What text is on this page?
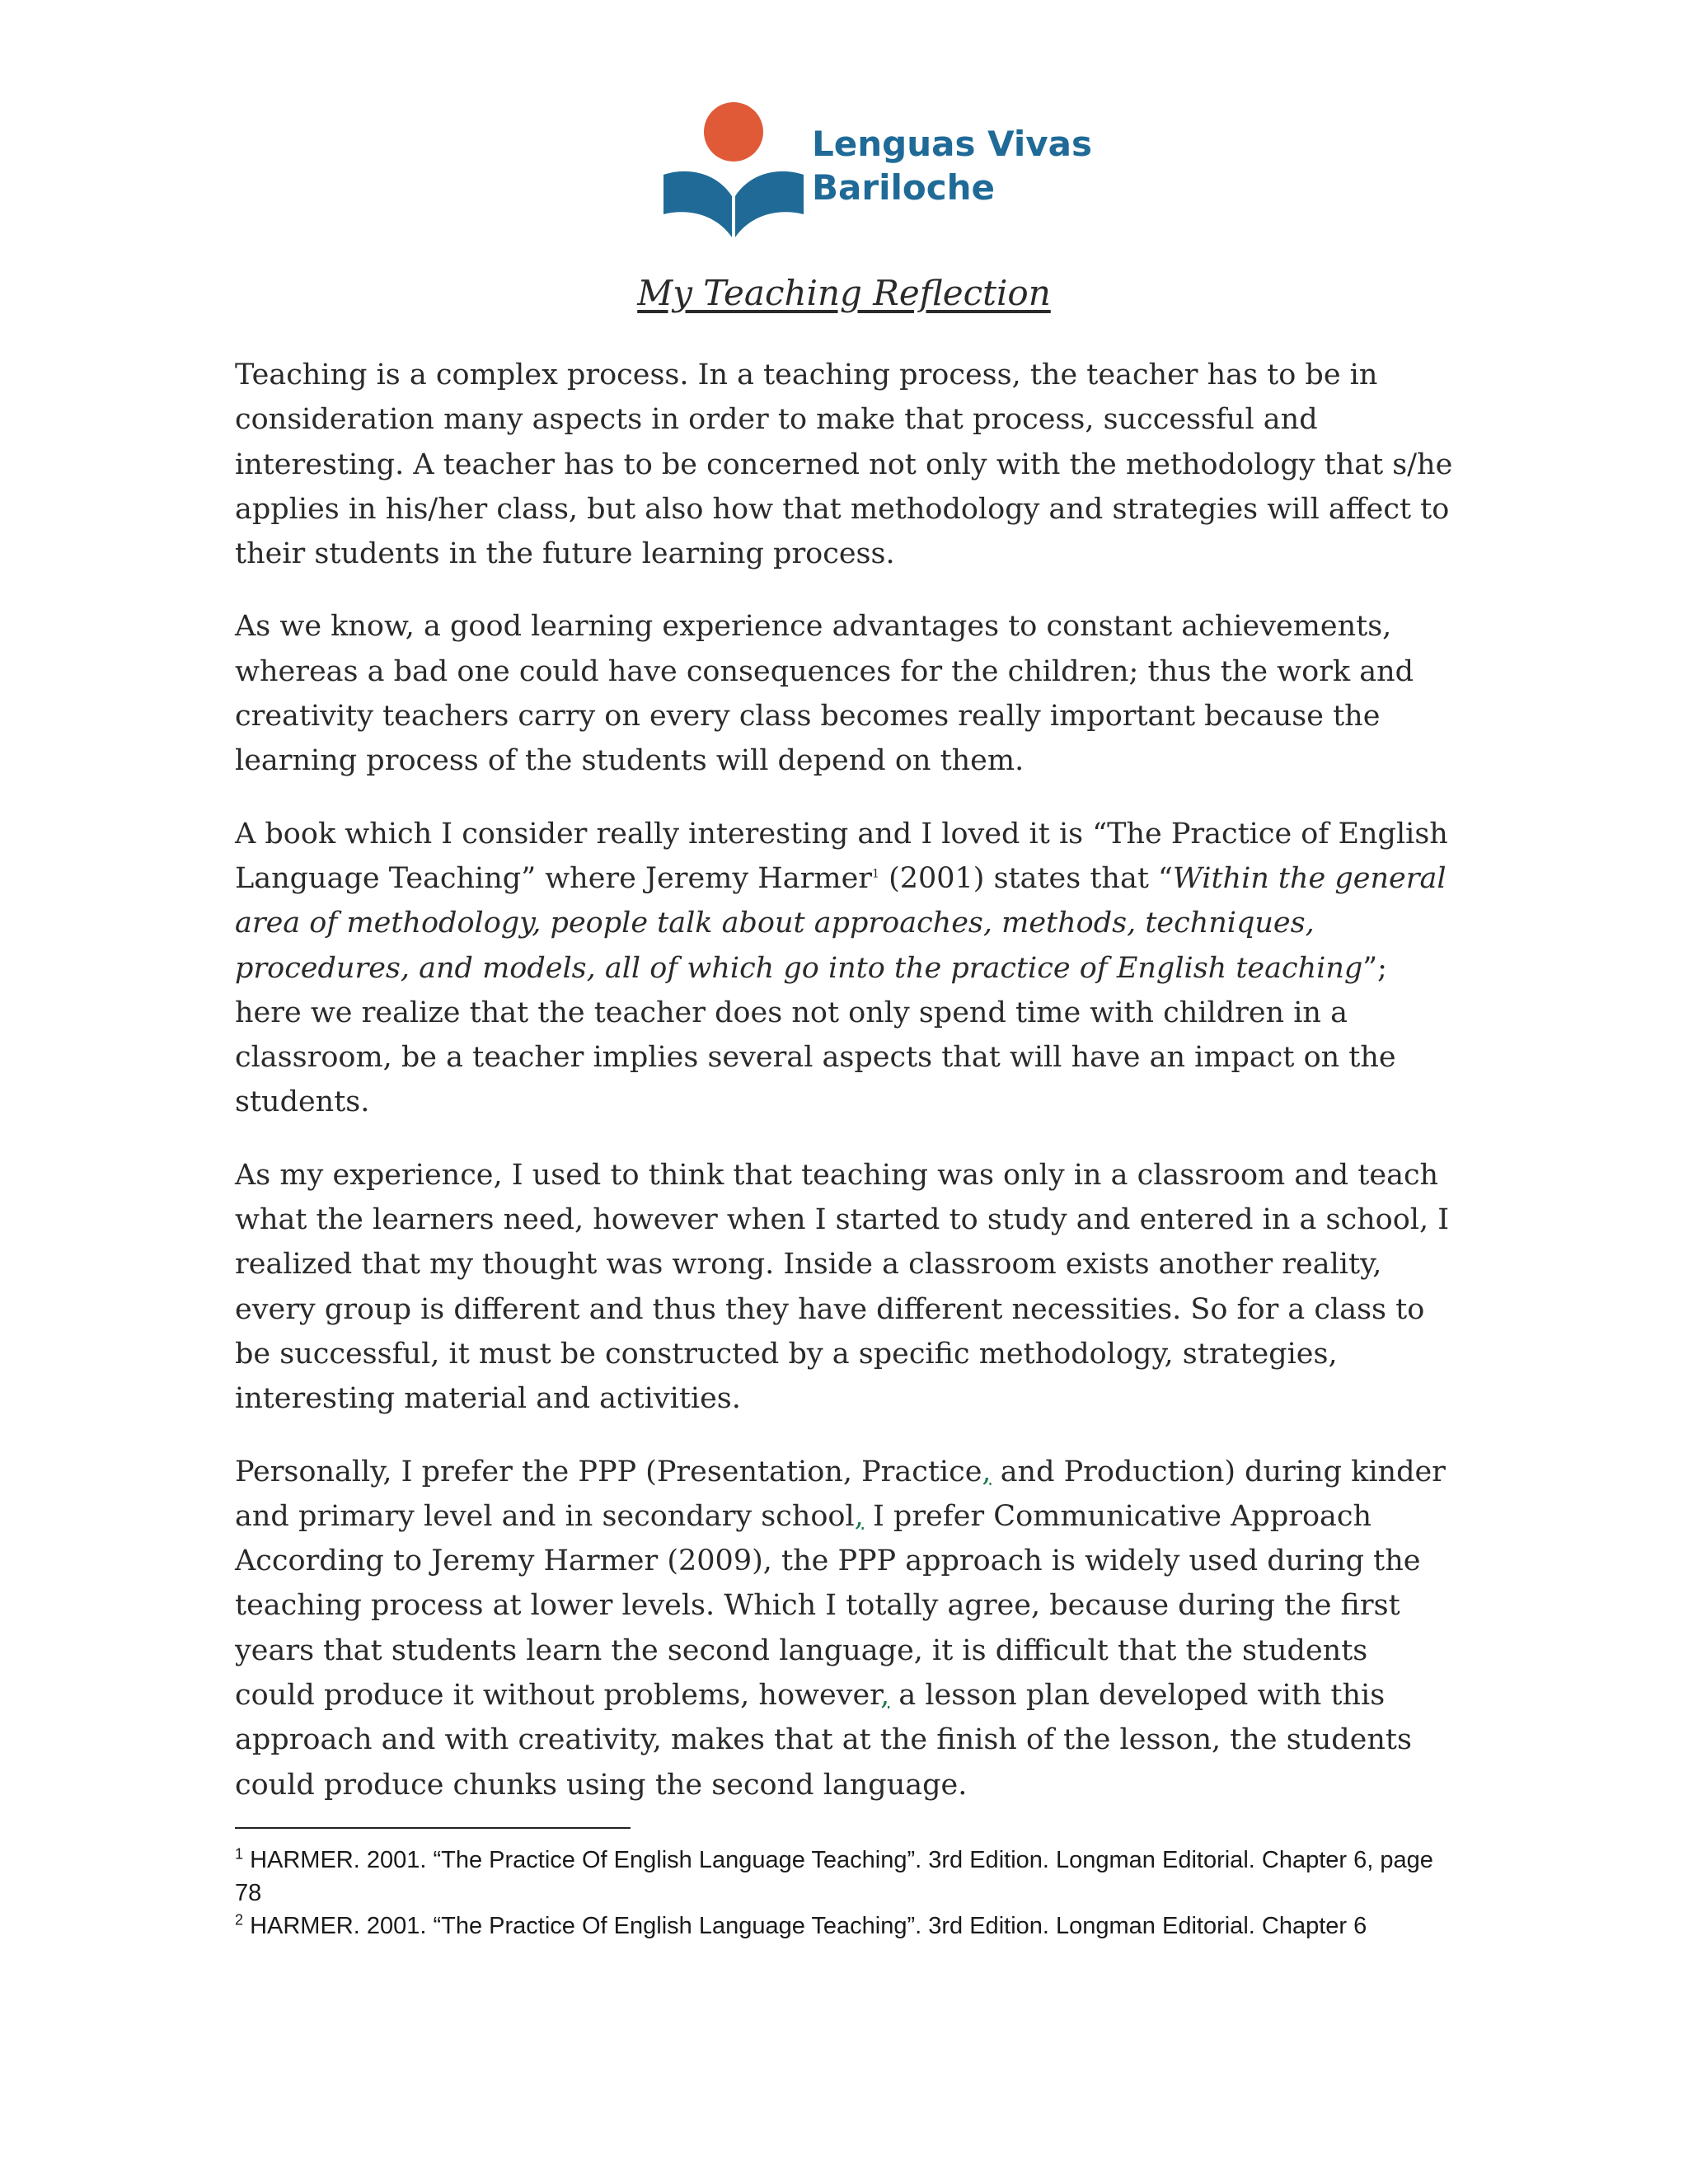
Lenguas Vivas
Bariloche
My Teaching Reflection

Teaching is a complex process. In a teaching process, the teacher has to be in consideration many aspects in order to make that process, successful and interesting. A teacher has to be concerned not only with the methodology that s/he applies in his/her class, but also how that methodology and strategies will affect to their students in the future learning process.

As we know, a good learning experience advantages to constant achievements, whereas a bad one could have consequences for the children; thus the work and creativity teachers carry on every class becomes really important because the learning process of the students will depend on them.

A book which I consider really interesting and I loved it is “The Practice of English Language Teaching” where Jeremy Harmer$^1$ (2001) states that “Within the general area of methodology, people talk about approaches, methods, techniques, procedures, and models, all of which go into the practice of English teaching”; here we realize that the teacher does not only spend time with children in a classroom, be a teacher implies several aspects that will have an impact on the students.

As my experience, I used to think that teaching was only in a classroom and teach what the learners need, however when I started to study and entered in a school, I realized that my thought was wrong. Inside a classroom exists another reality, every group is different and thus they have different necessities. So for a class to be successful, it must be constructed by a specific methodology, strategies, interesting material and activities.

Personally, I prefer the PPP (Presentation, Practice, and Production) during kinder and primary level and in secondary school, I prefer Communicative Approach According to Jeremy Harmer (2009), the PPP approach is widely used during the teaching process at lower levels. Which I totally agree, because during the first years that students learn the second language, it is difficult that the students could produce it without problems, however, a lesson plan developed with this approach and with creativity, makes that at the finish of the lesson, the students could produce chunks using the second language.

$^1$ HARMER. 2001. “The Practice Of English Language Teaching”. 3rd Edition. Longman Editorial. Chapter 6, page 78

$^2$ HARMER. 2001. “The Practice Of English Language Teaching”. 3rd Edition. Longman Editorial. Chapter 6
